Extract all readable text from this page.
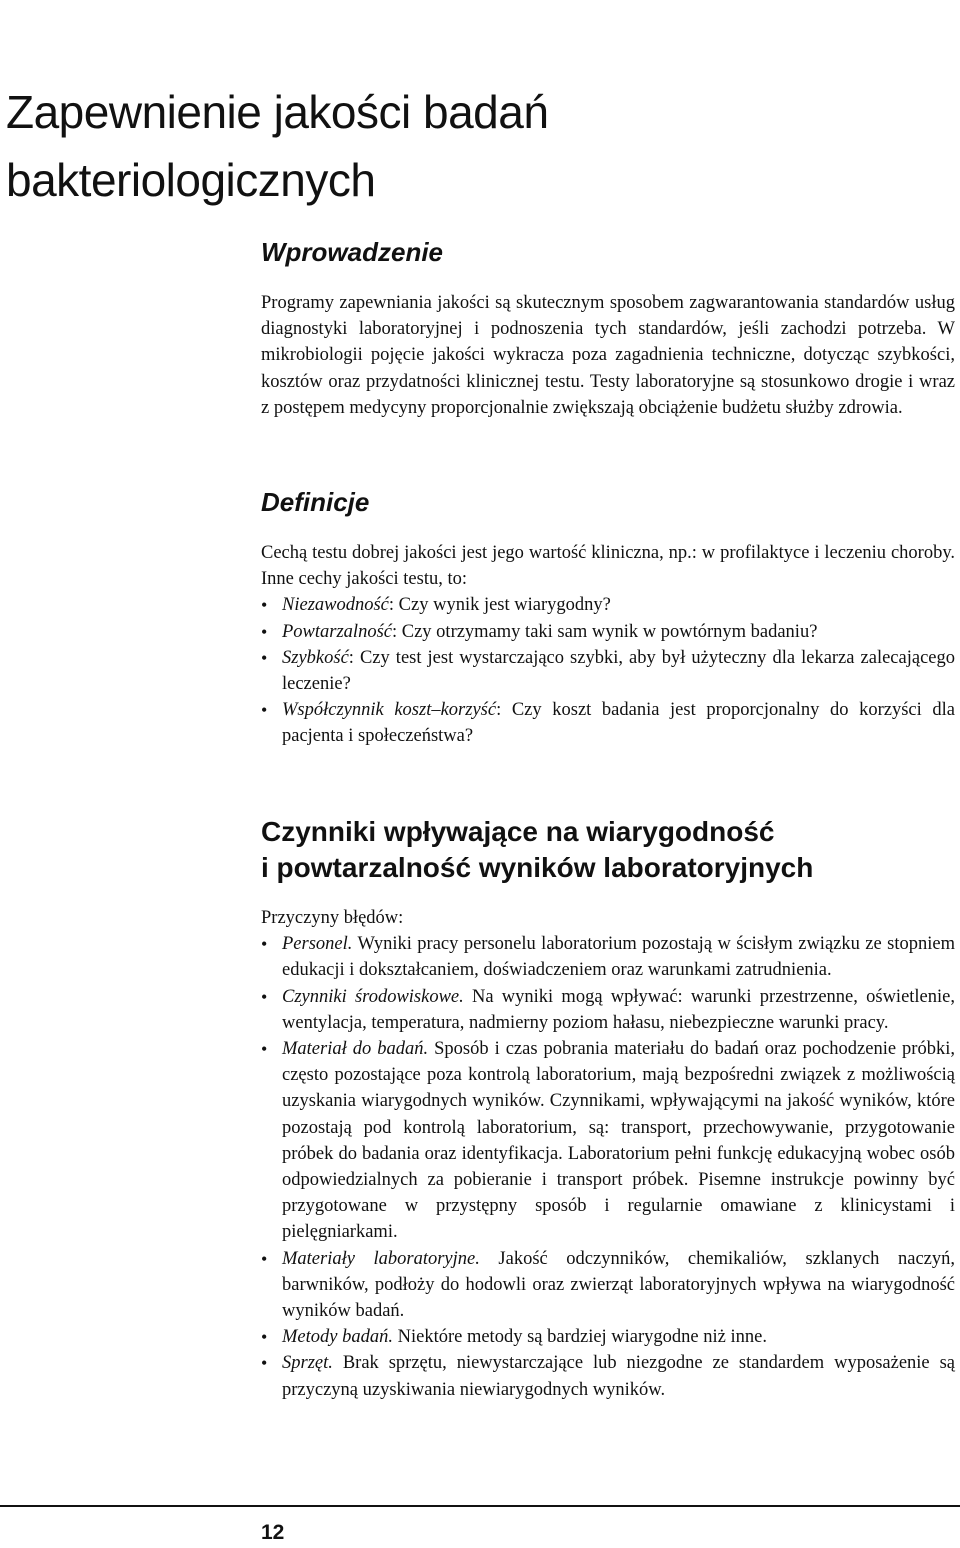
Zapewnienie jakości badań
bakteriologicznych
Wprowadzenie

Programy zapewniania jakości są skutecznym sposobem zagwarantowania standardów usług diagnostyki laboratoryjnej i podnoszenia tych standardów, jeśli zachodzi potrzeba. W mikrobiologii pojęcie jakości wykracza poza zagadnienia techniczne, dotycząc szybkości, kosztów oraz przydatności klinicznej testu. Testy laboratoryjne są stosunkowo drogie i wraz z postępem medycyny proporcjonalnie zwiększają obciążenie budżetu służby zdrowia.

Definicje

Cechą testu dobrej jakości jest jego wartość kliniczna, np.: w profilaktyce i leczeniu choroby. Inne cechy jakości testu, to:

• Niezawodność: Czy wynik jest wiarygodny?
• Powtarzalność: Czy otrzymamy taki sam wynik w powtórnym badaniu?
• Szybkość: Czy test jest wystarczająco szybki, aby był użyteczny dla lekarza zalecającego leczenie?
• Współczynnik koszt–korzyść: Czy koszt badania jest proporcjonalny do korzyści dla pacjenta i społeczeństwa?
Czynniki wpływające na wiarygodność
i powtarzalność wyników laboratoryjnych

Przyczyny błędów:

• Personel. Wyniki pracy personelu laboratorium pozostają w ścisłym związku ze stopniem edukacji i dokształcaniem, doświadczeniem oraz warunkami zatrudnienia.
• Czynniki środowiskowe. Na wyniki mogą wpływać: warunki przestrzenne, oświetlenie, wentylacja, temperatura, nadmierny poziom hałasu, niebezpieczne warunki pracy.
• Materiał do badań. Sposób i czas pobrania materiału do badań oraz pochodzenie próbki, często pozostające poza kontrolą laboratorium, mają bezpośredni związek z możliwością uzyskania wiarygodnych wyników. Czynnikami, wpływającymi na jakość wyników, które pozostają pod kontrolą laboratorium, są: transport, przechowywanie, przygotowanie próbek do badania oraz identyfikacja. Laboratorium pełni funkcję edukacyjną wobec osób odpowiedzialnych za pobieranie i transport próbek. Pisemne instrukcje powinny być przygotowane w przystępny sposób i regularnie omawiane z klinicystami i pielęgniarkami.
• Materiały laboratoryjne. Jakość odczynników, chemikaliów, szklanych naczyń, barwników, podłoży do hodowli oraz zwierząt laboratoryjnych wpływa na wiarygodność wyników badań.
• Metody badań. Niektóre metody są bardziej wiarygodne niż inne.
• Sprzęt. Brak sprzętu, niewystarczające lub niezgodne ze standardem wyposażenie są przyczyną uzyskiwania niewiarygodnych wyników.
12
